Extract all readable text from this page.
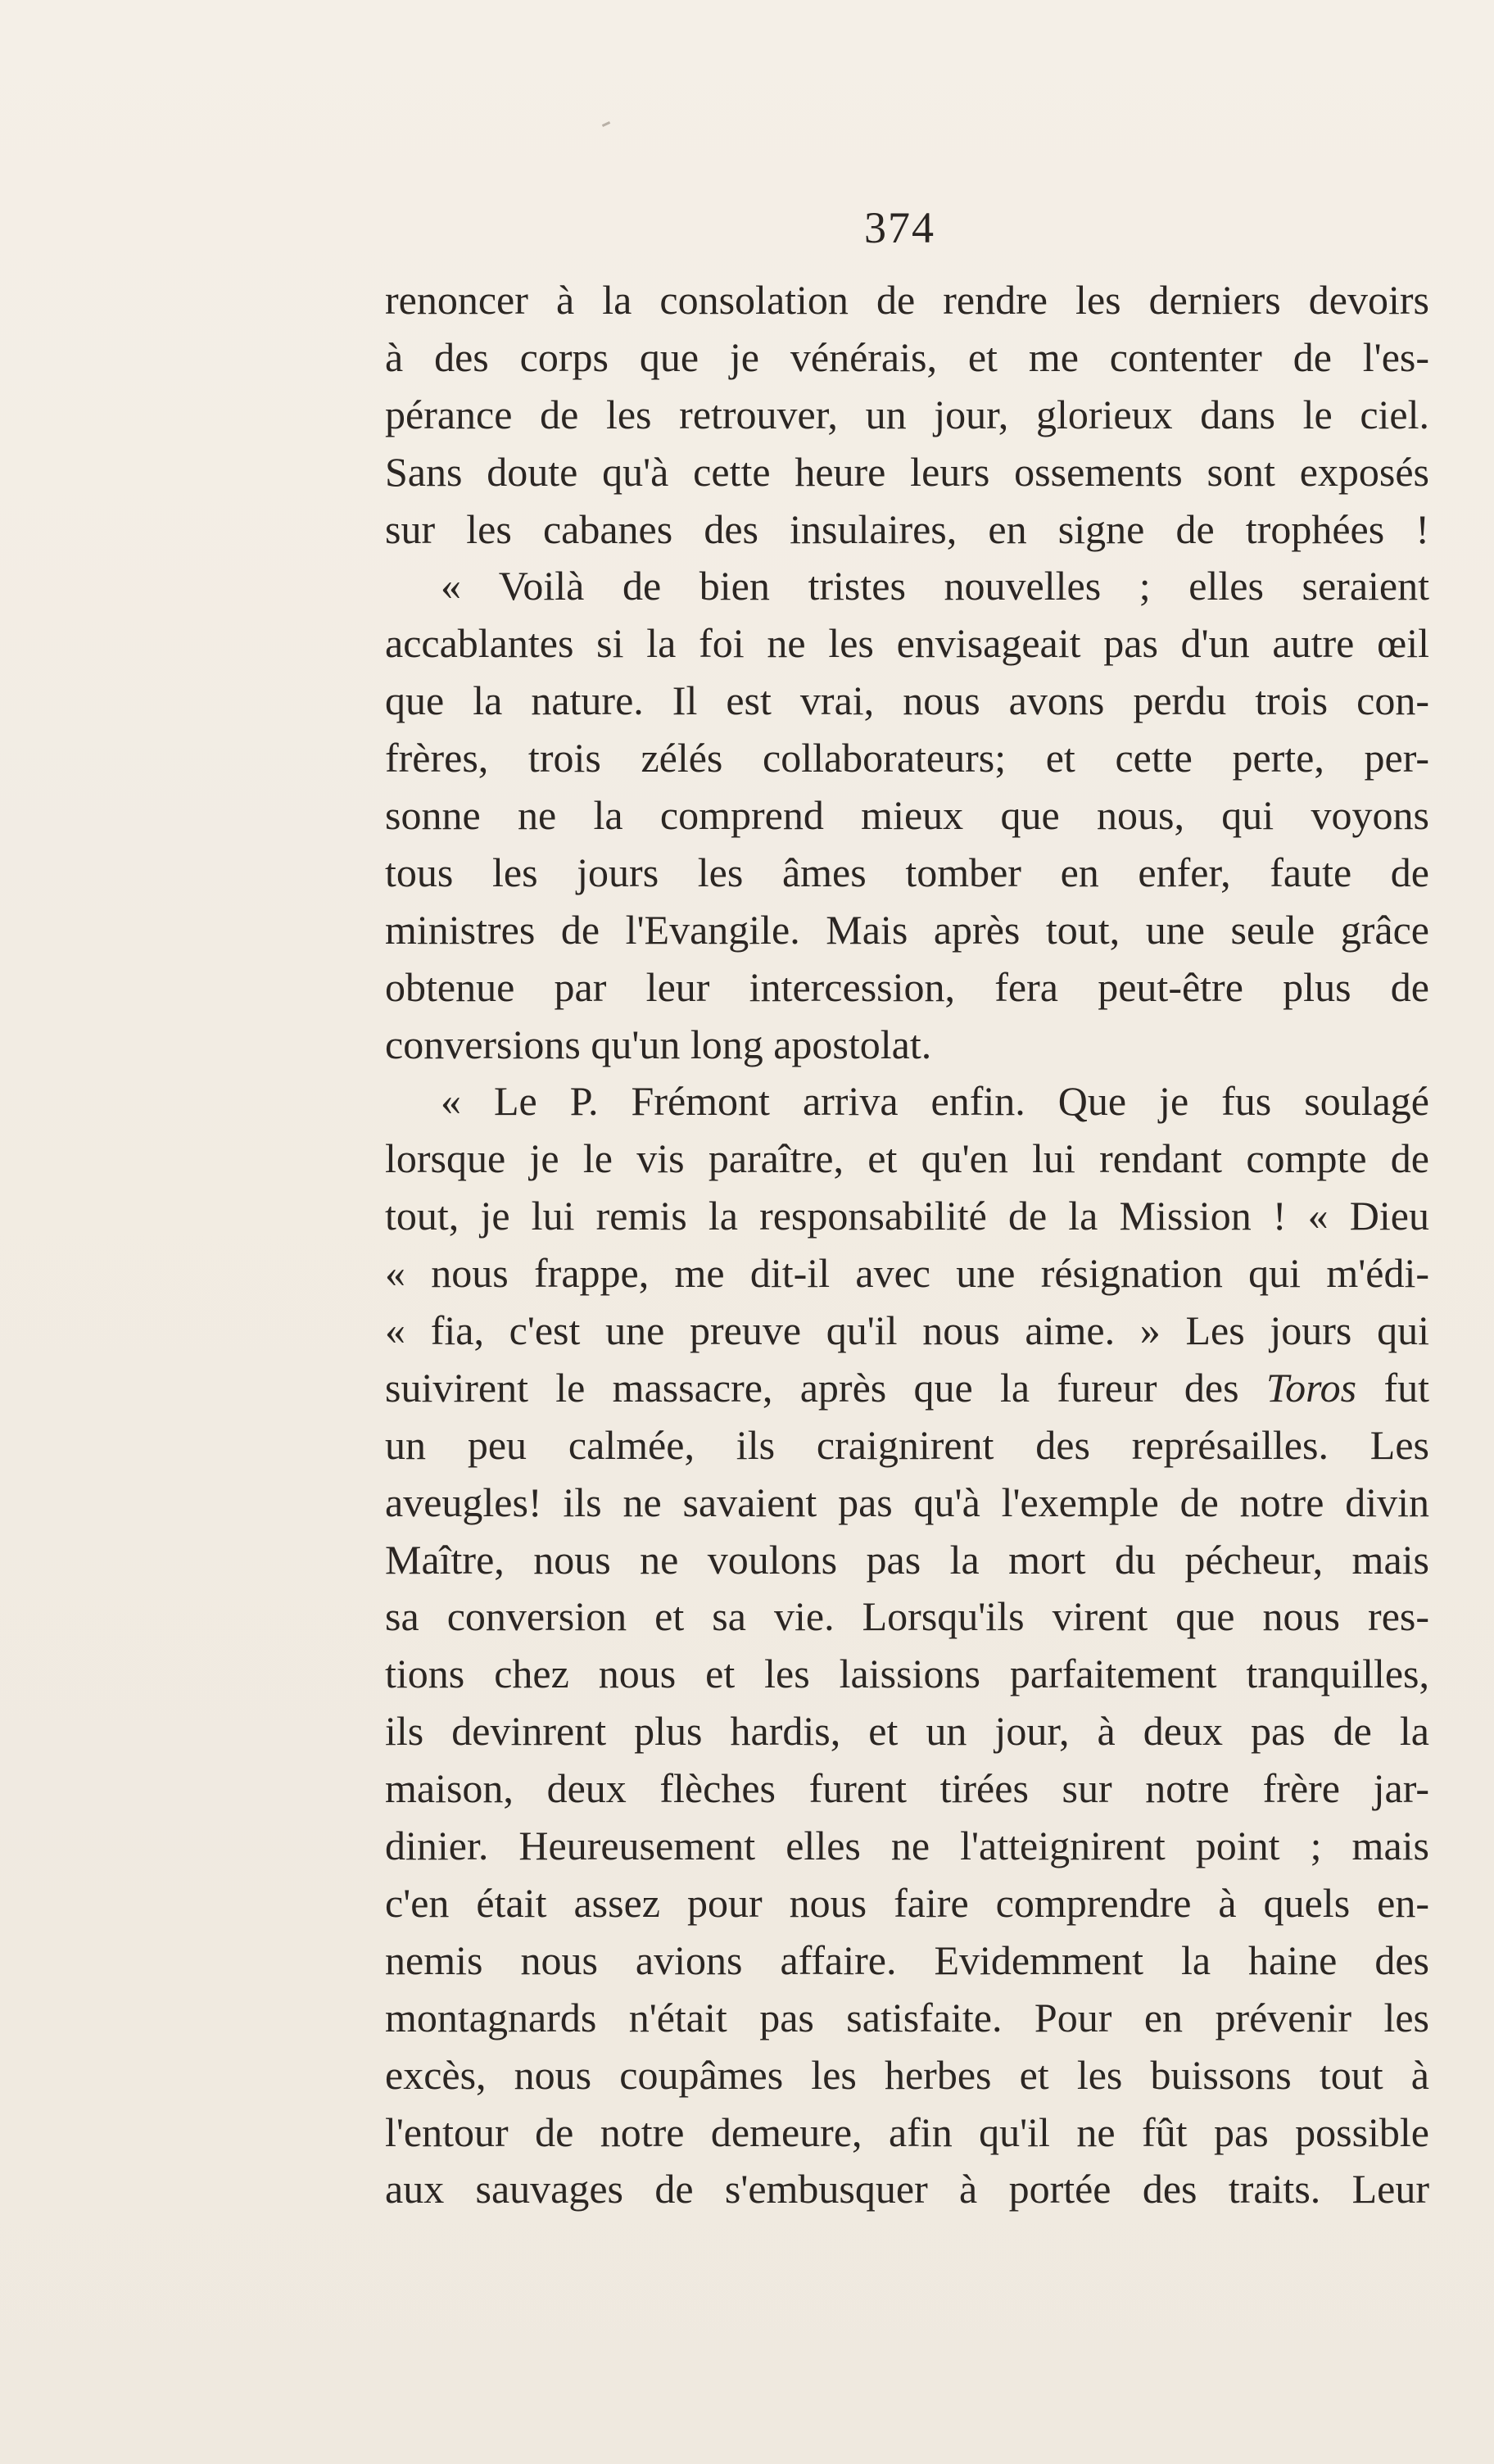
374
renoncer à la consolation de rendre les derniers devoirs
à des corps que je vénérais, et me contenter de l'es-
pérance de les retrouver, un jour, glorieux dans le ciel.
Sans doute qu'à cette heure leurs ossements sont exposés
sur les cabanes des insulaires, en signe de trophées !
« Voilà de bien tristes nouvelles ; elles seraient
accablantes si la foi ne les envisageait pas d'un autre œil
que la nature. Il est vrai, nous avons perdu trois con-
frères, trois zélés collaborateurs; et cette perte, per-
sonne ne la comprend mieux que nous, qui voyons
tous les jours les âmes tomber en enfer, faute de
ministres de l'Evangile. Mais après tout, une seule grâce
obtenue par leur intercession, fera peut-être plus de
conversions qu'un long apostolat.
« Le P. Frémont arriva enfin. Que je fus soulagé
lorsque je le vis paraître, et qu'en lui rendant compte de
tout, je lui remis la responsabilité de la Mission ! « Dieu
« nous frappe, me dit-il avec une résignation qui m'édi-
« fia, c'est une preuve qu'il nous aime. » Les jours qui
suivirent le massacre, après que la fureur des Toros fut
un peu calmée, ils craignirent des représailles. Les
aveugles! ils ne savaient pas qu'à l'exemple de notre divin
Maître, nous ne voulons pas la mort du pécheur, mais
sa conversion et sa vie. Lorsqu'ils virent que nous res-
tions chez nous et les laissions parfaitement tranquilles,
ils devinrent plus hardis, et un jour, à deux pas de la
maison, deux flèches furent tirées sur notre frère jar-
dinier. Heureusement elles ne l'atteignirent point ; mais
c'en était assez pour nous faire comprendre à quels en-
nemis nous avions affaire. Evidemment la haine des
montagnards n'était pas satisfaite. Pour en prévenir les
excès, nous coupâmes les herbes et les buissons tout à
l'entour de notre demeure, afin qu'il ne fût pas possible
aux sauvages de s'embusquer à portée des traits. Leur
